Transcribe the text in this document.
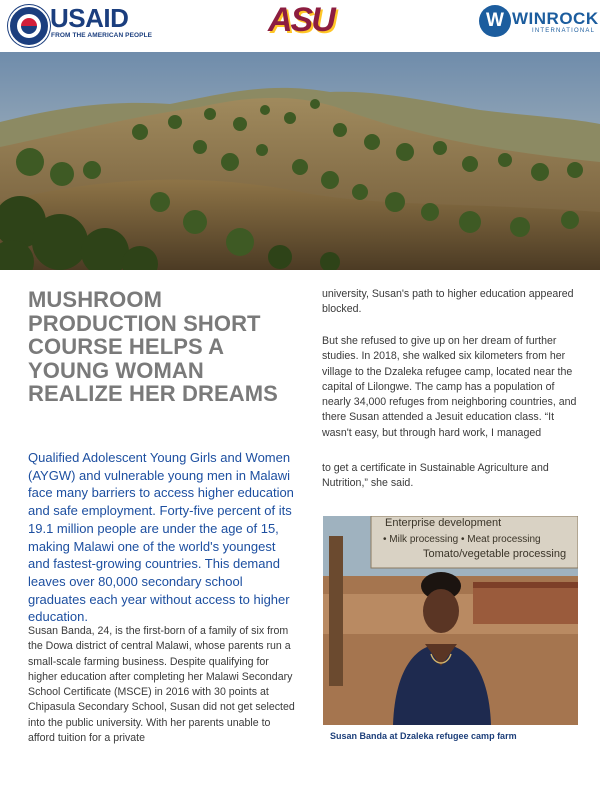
USAID
FROM THE AMERICAN PEOPLE	ASU	W WINROCK
INTERNATIONAL
MUSHROOM PRODUCTION SHORT COURSE HELPS A YOUNG WOMAN REALIZE HER DREAMS
Qualified Adolescent Young Girls and Women (AYGW) and vulnerable young men in Malawi face many barriers to access higher education and safe employment. Forty-five percent of its 19.1 million people are under the age of 15, making Malawi one of the world's youngest and fastest-growing countries. This demand leaves over 80,000 secondary school graduates each year without access to higher education.
Susan Banda, 24, is the first-born of a family of six from the Dowa district of central Malawi, whose parents run a small-scale farming business. Despite qualifying for higher education after completing her Malawi Secondary School Certificate (MSCE) in 2016 with 30 points at Chipasula Secondary School, Susan did not get selected into the public university. With her parents unable to afford tuition for a private
university, Susan's path to higher education appeared blocked.
But she refused to give up on her dream of further studies. In 2018, she walked six kilometers from her village to the Dzaleka refugee camp, located near the capital of Lilongwe. The camp has a population of nearly 34,000 refuges from neighboring countries, and there Susan attended a Jesuit education class. “It wasn't easy, but through hard work, I managed
to get a certificate in Sustainable Agriculture and Nutrition,” she said.
Enterprise development
• Milk processing • Meat processing
Tomato/vegetable processing
Susan Banda at Dzaleka refugee camp farm
